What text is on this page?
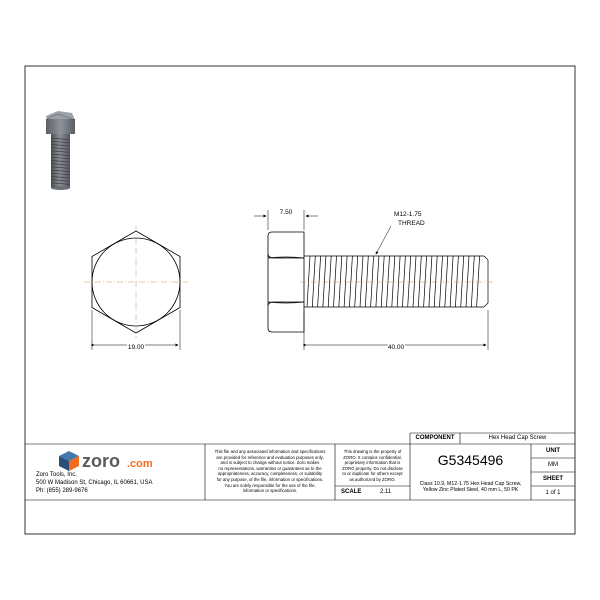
19.00
7.50
40.00
M12-1.75
THREAD
zoro .com
Zoro Tools, Inc.
500 W Madison St, Chicago, IL 60661, USA
Ph: (855) 289-9676
This file and any associated information and specifications
are provided for reference and evaluation purposes only,
and is subject to change without notice. Zoro makes
no representations, warranties or guarantees as to the
appropriateness, accuracy, completeness, or suitability
for any purpose, of the file, information or specifications.
You are solely responsible for the use of the file,
information or specifications.
This drawing is the property of
ZORO. It contains confidential,
proprietary information that is
ZORO property. Do not disclose
to or duplicate for others except
as authorized by ZORO.
SCALE	2.11
COMPONENT	Hex Head Cap Screw
G5345496
Class 10.9, M12-1.75 Hex Head Cap Screw,
Yellow Zinc Plated Steel, 40 mm L, 50 PK
UNIT
MM
SHEET
1 of 1
